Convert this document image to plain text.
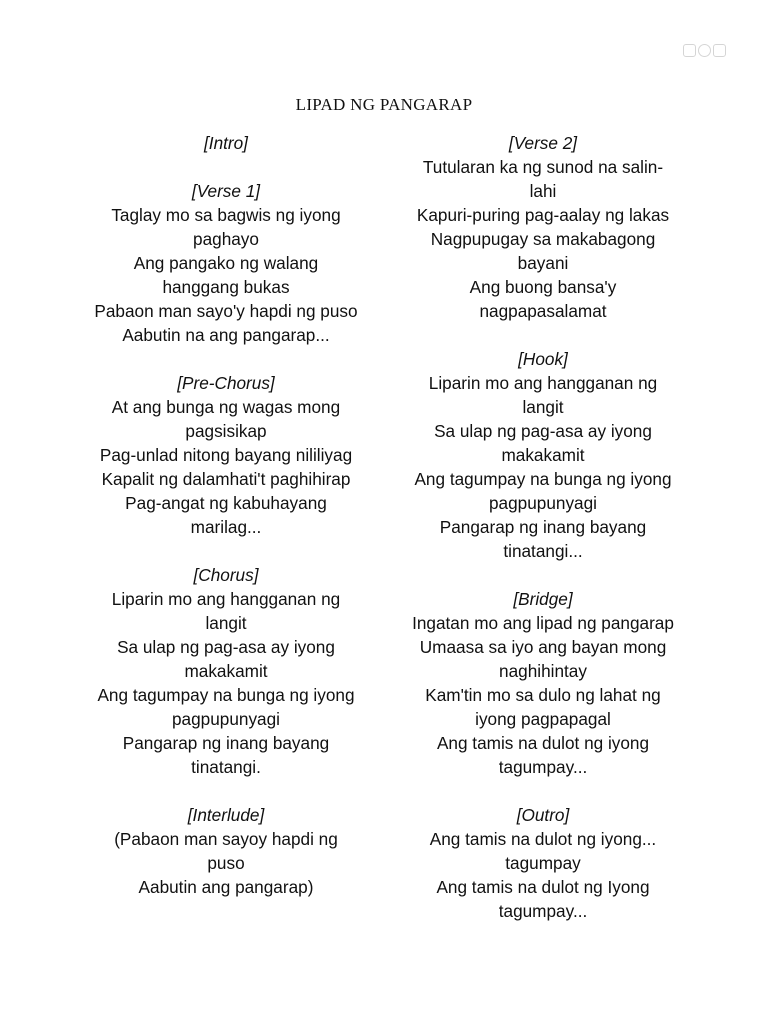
LIPAD NG PANGARAP
[Intro]
[Verse 1]
Taglay mo sa bagwis ng iyong
paghayo
Ang pangako ng walang
hanggang bukas
Pabaon man sayo'y hapdi ng puso
Aabutin na ang pangarap...
[Pre-Chorus]
At ang bunga ng wagas mong
pagsisikap
Pag-unlad nitong bayang nililiyag
Kapalit ng dalamhati't paghihirap
Pag-angat ng kabuhayang
marilag...
[Chorus]
Liparin mo ang hangganan ng
langit
Sa ulap ng pag-asa ay iyong
makakamit
Ang tagumpay na bunga ng iyong
pagpupunyagi
Pangarap ng inang bayang
tinatangi.
[Interlude]
(Pabaon man sayoy hapdi ng
puso
Aabutin ang pangarap)
[Verse 2]
Tutularan ka ng sunod na salin-
lahi
Kapuri-puring pag-aalay ng lakas
Nagpupugay sa makabagong
bayani
Ang buong bansa'y
nagpapasalamat
[Hook]
Liparin mo ang hangganan ng
langit
Sa ulap ng pag-asa ay iyong
makakamit
Ang tagumpay na bunga ng iyong
pagpupunyagi
Pangarap ng inang bayang
tinatangi...
[Bridge]
Ingatan mo ang lipad ng pangarap
Umaasa sa iyo ang bayan mong
naghihintay
Kam'tin mo sa dulo ng lahat ng
iyong pagpapagal
Ang tamis na dulot ng iyong
tagumpay...
[Outro]
Ang tamis na dulot ng iyong...
tagumpay
Ang tamis na dulot ng Iyong
tagumpay...
